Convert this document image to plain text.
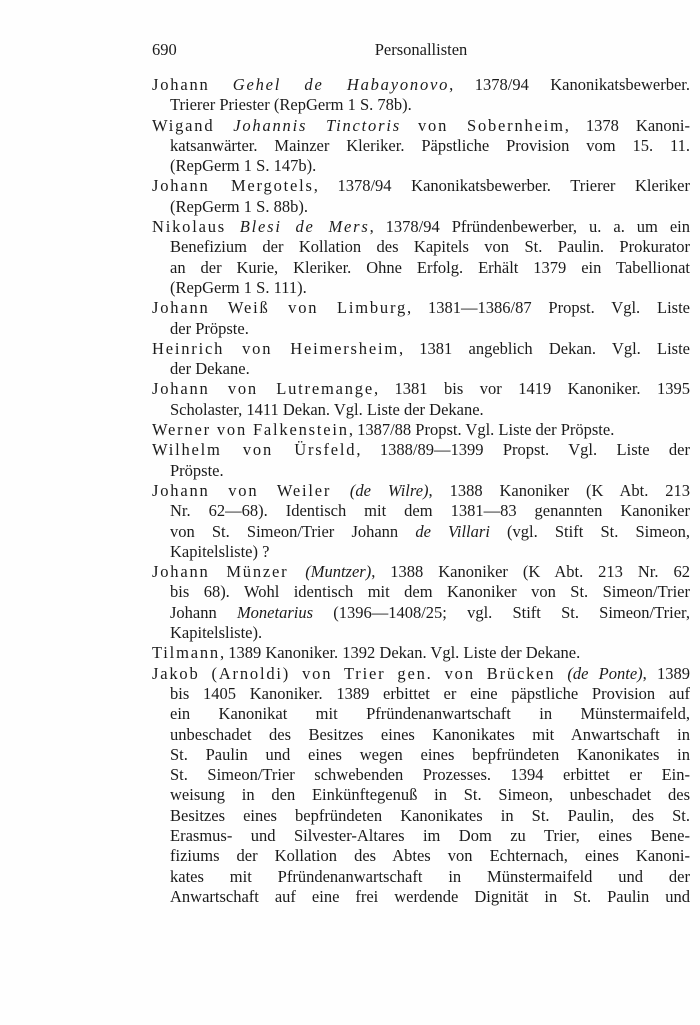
690	Personallisten
Johann Gehel de Habayonovo, 1378/94 Kanonikatsbewerber.
Trierer Priester (RepGerm 1 S. 78b).
Wigand Johannis Tinctoris von Sobernheim, 1378 Kanoni-
katsanwärter. Mainzer Kleriker. Päpstliche Provision vom 15. 11.
(RepGerm 1 S. 147b).
Johann Mergotels, 1378/94 Kanonikatsbewerber. Trierer Kleriker
(RepGerm 1 S. 88b).
Nikolaus Blesi de Mers, 1378/94 Pfründenbewerber, u. a. um ein
Benefizium der Kollation des Kapitels von St. Paulin. Prokurator
an der Kurie, Kleriker. Ohne Erfolg. Erhält 1379 ein Tabellionat
(RepGerm 1 S. 111).
Johann Weiß von Limburg, 1381—1386/87 Propst. Vgl. Liste
der Pröpste.
Heinrich von Heimersheim, 1381 angeblich Dekan. Vgl. Liste
der Dekane.
Johann von Lutremange, 1381 bis vor 1419 Kanoniker. 1395
Scholaster, 1411 Dekan. Vgl. Liste der Dekane.
Werner von Falkenstein, 1387/88 Propst. Vgl. Liste der Pröpste.
Wilhelm von Ürsfeld, 1388/89—1399 Propst. Vgl. Liste der
Pröpste.
Johann von Weiler (de Wilre), 1388 Kanoniker (K Abt. 213
Nr. 62—68). Identisch mit dem 1381—83 genannten Kanoniker
von St. Simeon/Trier Johann de Villari (vgl. Stift St. Simeon,
Kapitelsliste) ?
Johann Münzer (Muntzer), 1388 Kanoniker (K Abt. 213 Nr. 62
bis 68). Wohl identisch mit dem Kanoniker von St. Simeon/Trier
Johann Monetarius (1396—1408/25; vgl. Stift St. Simeon/Trier,
Kapitelsliste).
Tilmann, 1389 Kanoniker. 1392 Dekan. Vgl. Liste der Dekane.
Jakob (Arnoldi) von Trier gen. von Brücken (de Ponte), 1389
bis 1405 Kanoniker. 1389 erbittet er eine päpstliche Provision auf
ein Kanonikat mit Pfründenanwartschaft in Münstermaifeld,
unbeschadet des Besitzes eines Kanonikates mit Anwartschaft in
St. Paulin und eines wegen eines bepfründeten Kanonikates in
St. Simeon/Trier schwebenden Prozesses. 1394 erbittet er Ein-
weisung in den Einkünftegenuß in St. Simeon, unbeschadet des
Besitzes eines bepfründeten Kanonikates in St. Paulin, des St.
Erasmus- und Silvester-Altares im Dom zu Trier, eines Bene-
fiziums der Kollation des Abtes von Echternach, eines Kanoni-
kates mit Pfründenanwartschaft in Münstermaifeld und der
Anwartschaft auf eine frei werdende Dignität in St. Paulin und
